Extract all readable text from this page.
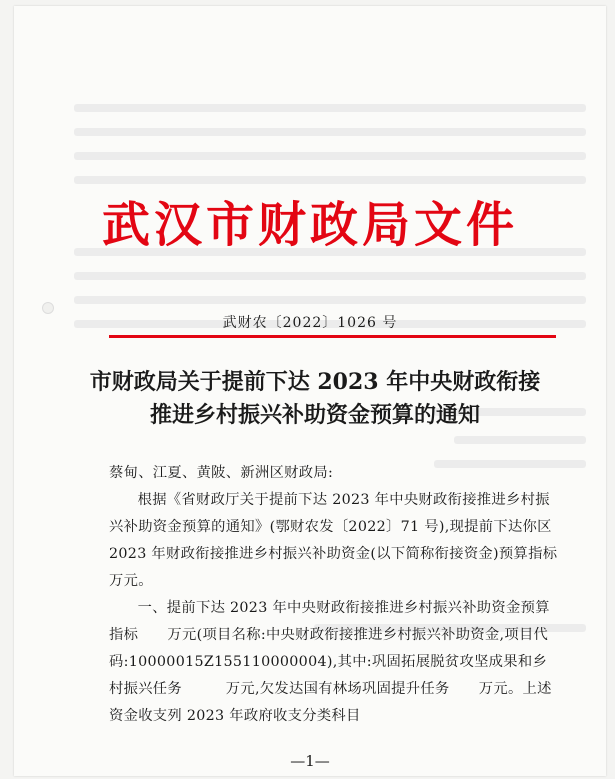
武汉市财政局文件
武财农〔2022〕1026 号
市财政局关于提前下达 2023 年中央财政衔接
推进乡村振兴补助资金预算的通知

蔡甸、江夏、黄陂、新洲区财政局:

根据《省财政厅关于提前下达 2023 年中央财政衔接推进乡村振兴补助资金预算的通知》(鄂财农发〔2022〕71 号),现提前下达你区 2023 年财政衔接推进乡村振兴补助资金(以下简称衔接资金)预算指标　　万元。

一、提前下达 2023 年中央财政衔接推进乡村振兴补助资金预算指标　　万元(项目名称:中央财政衔接推进乡村振兴补助资金,项目代码:10000015Z155110000004),其中:巩固拓展脱贫攻坚成果和乡村振兴任务　　　万元,欠发达国有林场巩固提升任务　　万元。上述资金收支列 2023 年政府收支分类科目

—1—
